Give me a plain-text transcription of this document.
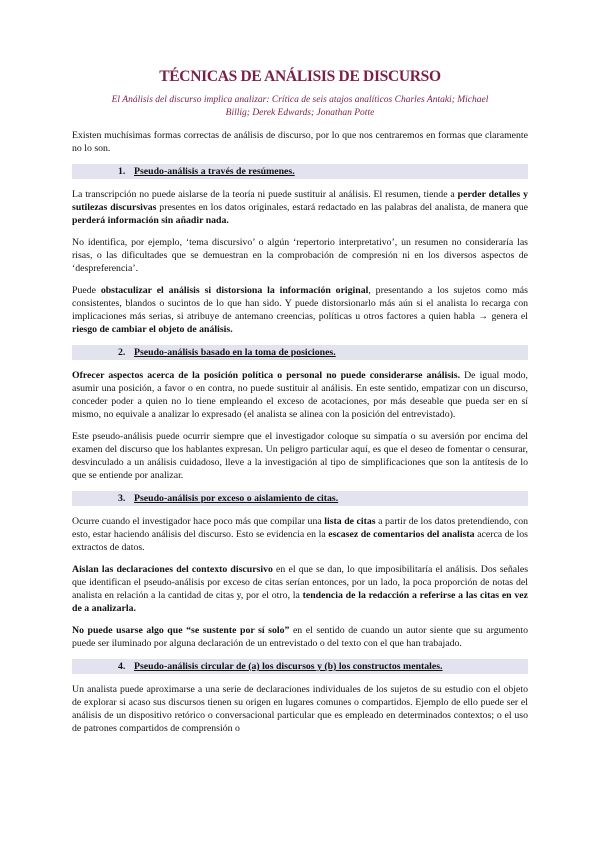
TÉCNICAS DE ANÁLISIS DE DISCURSO

El Análisis del discurso implica analizar: Crítica de seis atajos analíticos Charles Antaki; Michael Billig; Derek Edwards; Jonathan Potte

Existen muchísimas formas correctas de análisis de discurso, por lo que nos centraremos en formas que claramente no lo son.

1. Pseudo-análisis a través de resúmenes.

La transcripción no puede aislarse de la teoría ni puede sustituir al análisis. El resumen, tiende a perder detalles y sutilezas discursivas presentes en los datos originales, estará redactado en las palabras del analista, de manera que perderá información sin añadir nada.

No identifica, por ejemplo, ‘tema discursivo’ o algún ‘repertorio interpretativo’, un resumen no consideraría las risas, o las dificultades que se demuestran en la comprobación de compresión ni en los diversos aspectos de ‘despreferencia’.

Puede obstaculizar el análisis si distorsiona la información original, presentando a los sujetos como más consistentes, blandos o sucintos de lo que han sido. Y puede distorsionarlo más aún si el analista lo recarga con implicaciones más serias, si atribuye de antemano creencias, políticas u otros factores a quien habla → genera el riesgo de cambiar el objeto de análisis.

2. Pseudo-análisis basado en la toma de posiciones.

Ofrecer aspectos acerca de la posición política o personal no puede considerarse análisis. De igual modo, asumir una posición, a favor o en contra, no puede sustituir al análisis. En este sentido, empatizar con un discurso, conceder poder a quien no lo tiene empleando el exceso de acotaciones, por más deseable que pueda ser en sí mismo, no equivale a analizar lo expresado (el analista se alinea con la posición del entrevistado).

Este pseudo-análisis puede ocurrir siempre que el investigador coloque su simpatía o su aversión por encima del examen del discurso que los hablantes expresan. Un peligro particular aquí, es que el deseo de fomentar o censurar, desvinculado a un análisis cuidadoso, lleve a la investigación al tipo de simplificaciones que son la antítesis de lo que se entiende por analizar.

3. Pseudo-análisis por exceso o aislamiento de citas.

Ocurre cuando el investigador hace poco más que compilar una lista de citas a partir de los datos pretendiendo, con esto, estar haciendo análisis del discurso. Esto se evidencia en la escasez de comentarios del analista acerca de los extractos de datos.

Aislan las declaraciones del contexto discursivo en el que se dan, lo que imposibilitaría el análisis. Dos señales que identifican el pseudo-análisis por exceso de citas serían entonces, por un lado, la poca proporción de notas del analista en relación a la cantidad de citas y, por el otro, la tendencia de la redacción a referirse a las citas en vez de a analizarla.

No puede usarse algo que “se sustente por sí solo” en el sentido de cuando un autor siente que su argumento puede ser iluminado por alguna declaración de un entrevistado o del texto con el que han trabajado.

4. Pseudo-análisis circular de (a) los discursos y (b) los constructos mentales.

Un analista puede aproximarse a una serie de declaraciones individuales de los sujetos de su estudio con el objeto de explorar si acaso sus discursos tienen su origen en lugares comunes o compartidos. Ejemplo de ello puede ser el análisis de un dispositivo retórico o conversacional particular que es empleado en determinados contextos; o el uso de patrones compartidos de comprensión o
